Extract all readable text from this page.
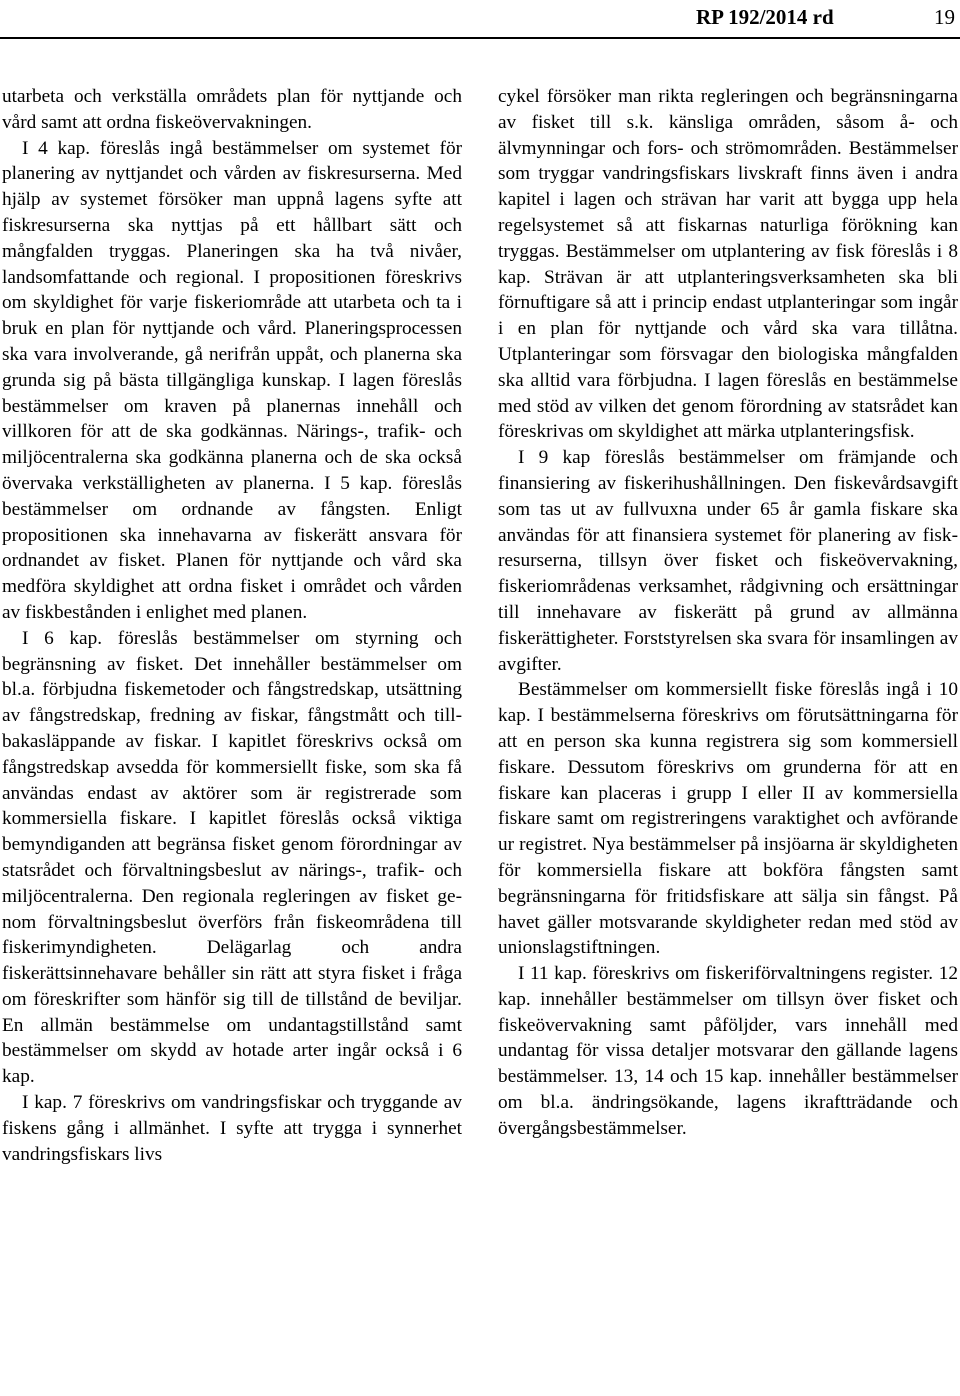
RP 192/2014 rd	19

utarbeta och verkställa områdets plan för nyttjande och vård samt att ordna fiskeövervakningen.

I 4 kap. föreslås ingå bestämmelser om systemet för planering av nyttjandet och vården av fiskresurserna. Med hjälp av systemet försöker man uppnå lagens syfte att fiskresurserna ska nyttjas på ett hållbart sätt och mångfalden tryggas. Planeringen ska ha två nivåer, landsomfattande och regional. I propositionen föreskrivs om skyldighet för varje fiskeriområde att utarbeta och ta i bruk en plan för nyttjande och vård. Planeringsprocessen ska vara involverande, gå nerifrån uppåt, och planerna ska grunda sig på bästa tillgängliga kunskap. I lagen föreslås bestämmelser om kraven på planernas innehåll och villkoren för att de ska godkännas. Närings-, trafik- och miljöcentralerna ska godkänna planerna och de ska också övervaka verkställigheten av planerna. I 5 kap. föreslås bestämmelser om ordnande av fångsten. Enligt propositionen ska innehavarna av fiskerätt ansvara för ordnandet av fisket. Planen för nyttjande och vård ska medföra skyldighet att ordna fisket i området och vården av fiskbestånden i enlighet med planen.

I 6 kap. föreslås bestämmelser om styrning och begränsning av fisket. Det innehåller bestämmelser om bl.a. förbjudna fiskemetoder och fångstredskap, utsättning av fångstredskap, fredning av fiskar, fångstmått och tillbakasläppande av fiskar. I kapitlet föreskrivs också om fångstredskap avsedda för kommersiellt fiske, som ska få användas endast av aktörer som är registrerade som kommersiella fiskare. I kapitlet föreslås också viktiga bemyndiganden att begränsa fisket genom förordningar av statsrådet och förvaltningsbeslut av närings-, trafik- och miljöcentralerna. Den regionala regleringen av fisket genom förvaltningsbeslut överförs från fiskeområdena till fiskerimyndigheten. Delägarlag och andra fiskerättsinnehavare behåller sin rätt att styra fisket i fråga om föreskrifter som hänför sig till de tillstånd de beviljar. En allmän bestämmelse om undantagstillstånd samt bestämmelser om skydd av hotade arter ingår också i 6 kap.

I kap. 7 föreskrivs om vandringsfiskar och tryggande av fiskens gång i allmänhet. I syfte att trygga i synnerhet vandringsfiskars livs

cykel försöker man rikta regleringen och begränsningarna av fisket till s.k. känsliga områden, såsom å- och älvmynningar och fors- och strömområden. Bestämmelser som tryggar vandringsfiskars livskraft finns även i andra kapitel i lagen och strävan har varit att bygga upp hela regelsystemet så att fiskarnas naturliga förökning kan tryggas. Bestämmelser om utplantering av fisk föreslås i 8 kap. Strävan är att utplanteringsverksamheten ska bli förnuftigare så att i princip endast utplanteringar som ingår i en plan för nyttjande och vård ska vara tillåtna. Utplanteringar som försvagar den biologiska mångfalden ska alltid vara förbjudna. I lagen föreslås en bestämmelse med stöd av vilken det genom förordning av statsrådet kan föreskrivas om skyldighet att märka utplanteringsfisk.

I 9 kap föreslås bestämmelser om främjande och finansiering av fiskerihushållningen. Den fiskevårdsavgift som tas ut av fullvuxna under 65 år gamla fiskare ska användas för att finansiera systemet för planering av fiskresurserna, tillsyn över fisket och fiskeövervakning, fiskeriområdenas verksamhet, rådgivning och ersättningar till innehavare av fiskerätt på grund av allmänna fiskerättigheter. Forststyrelsen ska svara för insamlingen av avgifter.

Bestämmelser om kommersiellt fiske föreslås ingå i 10 kap. I bestämmelserna föreskrivs om förutsättningarna för att en person ska kunna registrera sig som kommersiell fiskare. Dessutom föreskrivs om grunderna för att en fiskare kan placeras i grupp I eller II av kommersiella fiskare samt om registreringens varaktighet och avförande ur registret. Nya bestämmelser på insjöarna är skyldigheten för kommersiella fiskare att bokföra fångsten samt begränsningarna för fritidsfiskare att sälja sin fångst. På havet gäller motsvarande skyldigheter redan med stöd av unionslagstiftningen.

I 11 kap. föreskrivs om fiskeriförvaltningens register. 12 kap. innehåller bestämmelser om tillsyn över fisket och fiskeövervakning samt påföljder, vars innehåll med undantag för vissa detaljer motsvarar den gällande lagens bestämmelser. 13, 14 och 15 kap. innehåller bestämmelser om bl.a. ändringsökande, lagens ikraftträdande och övergångsbestämmelser.
